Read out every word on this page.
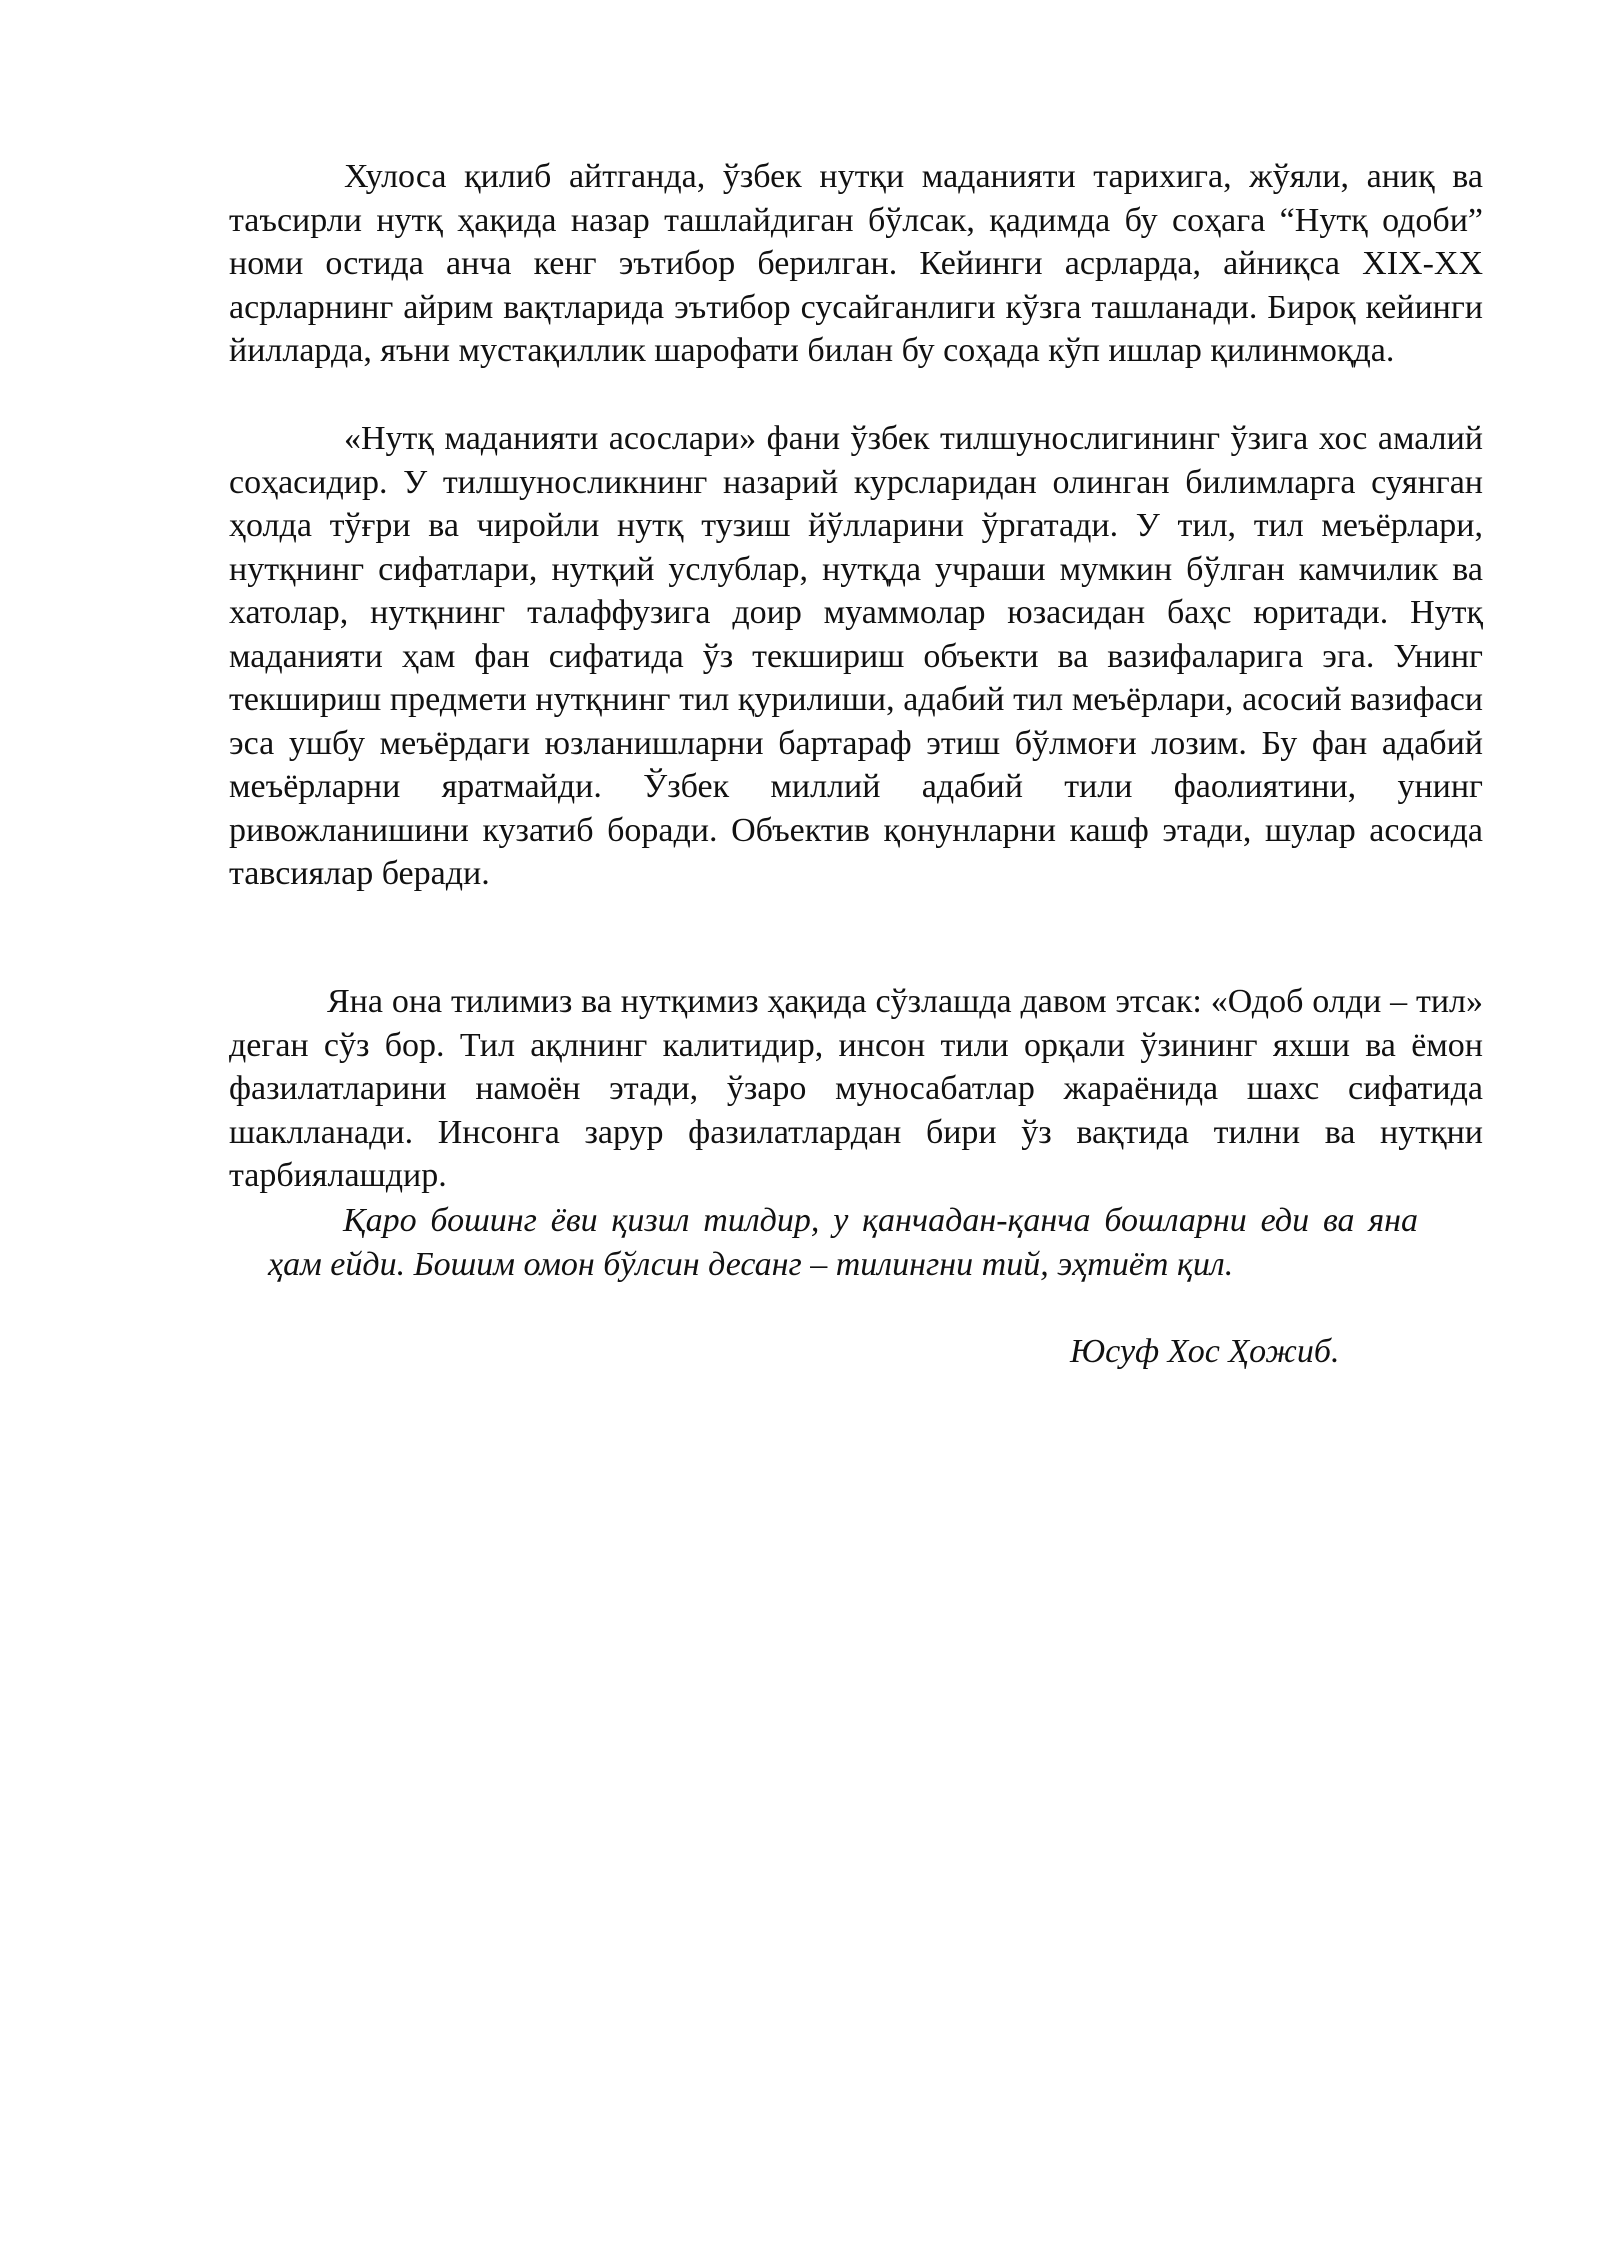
Хулоса қилиб айтганда, ўзбек нутқи маданияти тарихига, жўяли, аниқ ва таъсирли нутқ ҳақида назар ташлайдиган бўлсак, қадимда бу соҳага “Нутқ одоби” номи остида анча кенг эътибор берилган. Кейинги асрларда, айниқса XIX-XX асрларнинг айрим вақтларида эътибор сусайганлиги кўзга ташланади. Бироқ кейинги йилларда, яъни мустақиллик шарофати билан бу соҳада кўп ишлар қилинмоқда.

«Нутқ маданияти асослари» фани ўзбек тилшунослигининг ўзига хос амалий соҳасидир. У тилшуносликнинг назарий курсларидан олинган билимларга суянган ҳолда тўғри ва чиройли нутқ тузиш йўлларини ўргатади. У тил, тил меъёрлари, нутқнинг сифатлари, нутқий услублар, нутқда учраши мумкин бўлган камчилик ва хатолар, нутқнинг талаффузига доир муаммолар юзасидан баҳс юритади. Нутқ маданияти ҳам фан сифатида ўз текшириш объекти ва вазифаларига эга. Унинг текшириш предмети нутқнинг тил қурилиши, адабий тил меъёрлари, асосий вазифаси эса ушбу меъёрдаги юзланишларни бартараф этиш бўлмоғи лозим. Бу фан адабий меъёрларни яратмайди. Ўзбек миллий адабий тили фаолиятини, унинг ривожланишини кузатиб боради. Объектив қонунларни кашф этади, шулар асосида тавсиялар беради.

Яна она тилимиз ва нутқимиз ҳақида сўзлашда давом этсак: «Одоб олди – тил» деган сўз бор. Тил ақлнинг калитидир, инсон тили орқали ўзининг яхши ва ёмон фазилатларини намоён этади, ўзаро муносабатлар жараёнида шахс сифатида шаклланади. Инсонга зарур фазилатлардан бири ўз вақтида тилни ва нутқни тарбиялашдир.

Қаро бошинг ёви қизил тилдир, у қанчадан-қанча бошларни еди ва яна ҳам ейди. Бошим омон бўлсин десанг – тилингни тий, эҳтиёт қил.

Юсуф Хос Ҳожиб.
